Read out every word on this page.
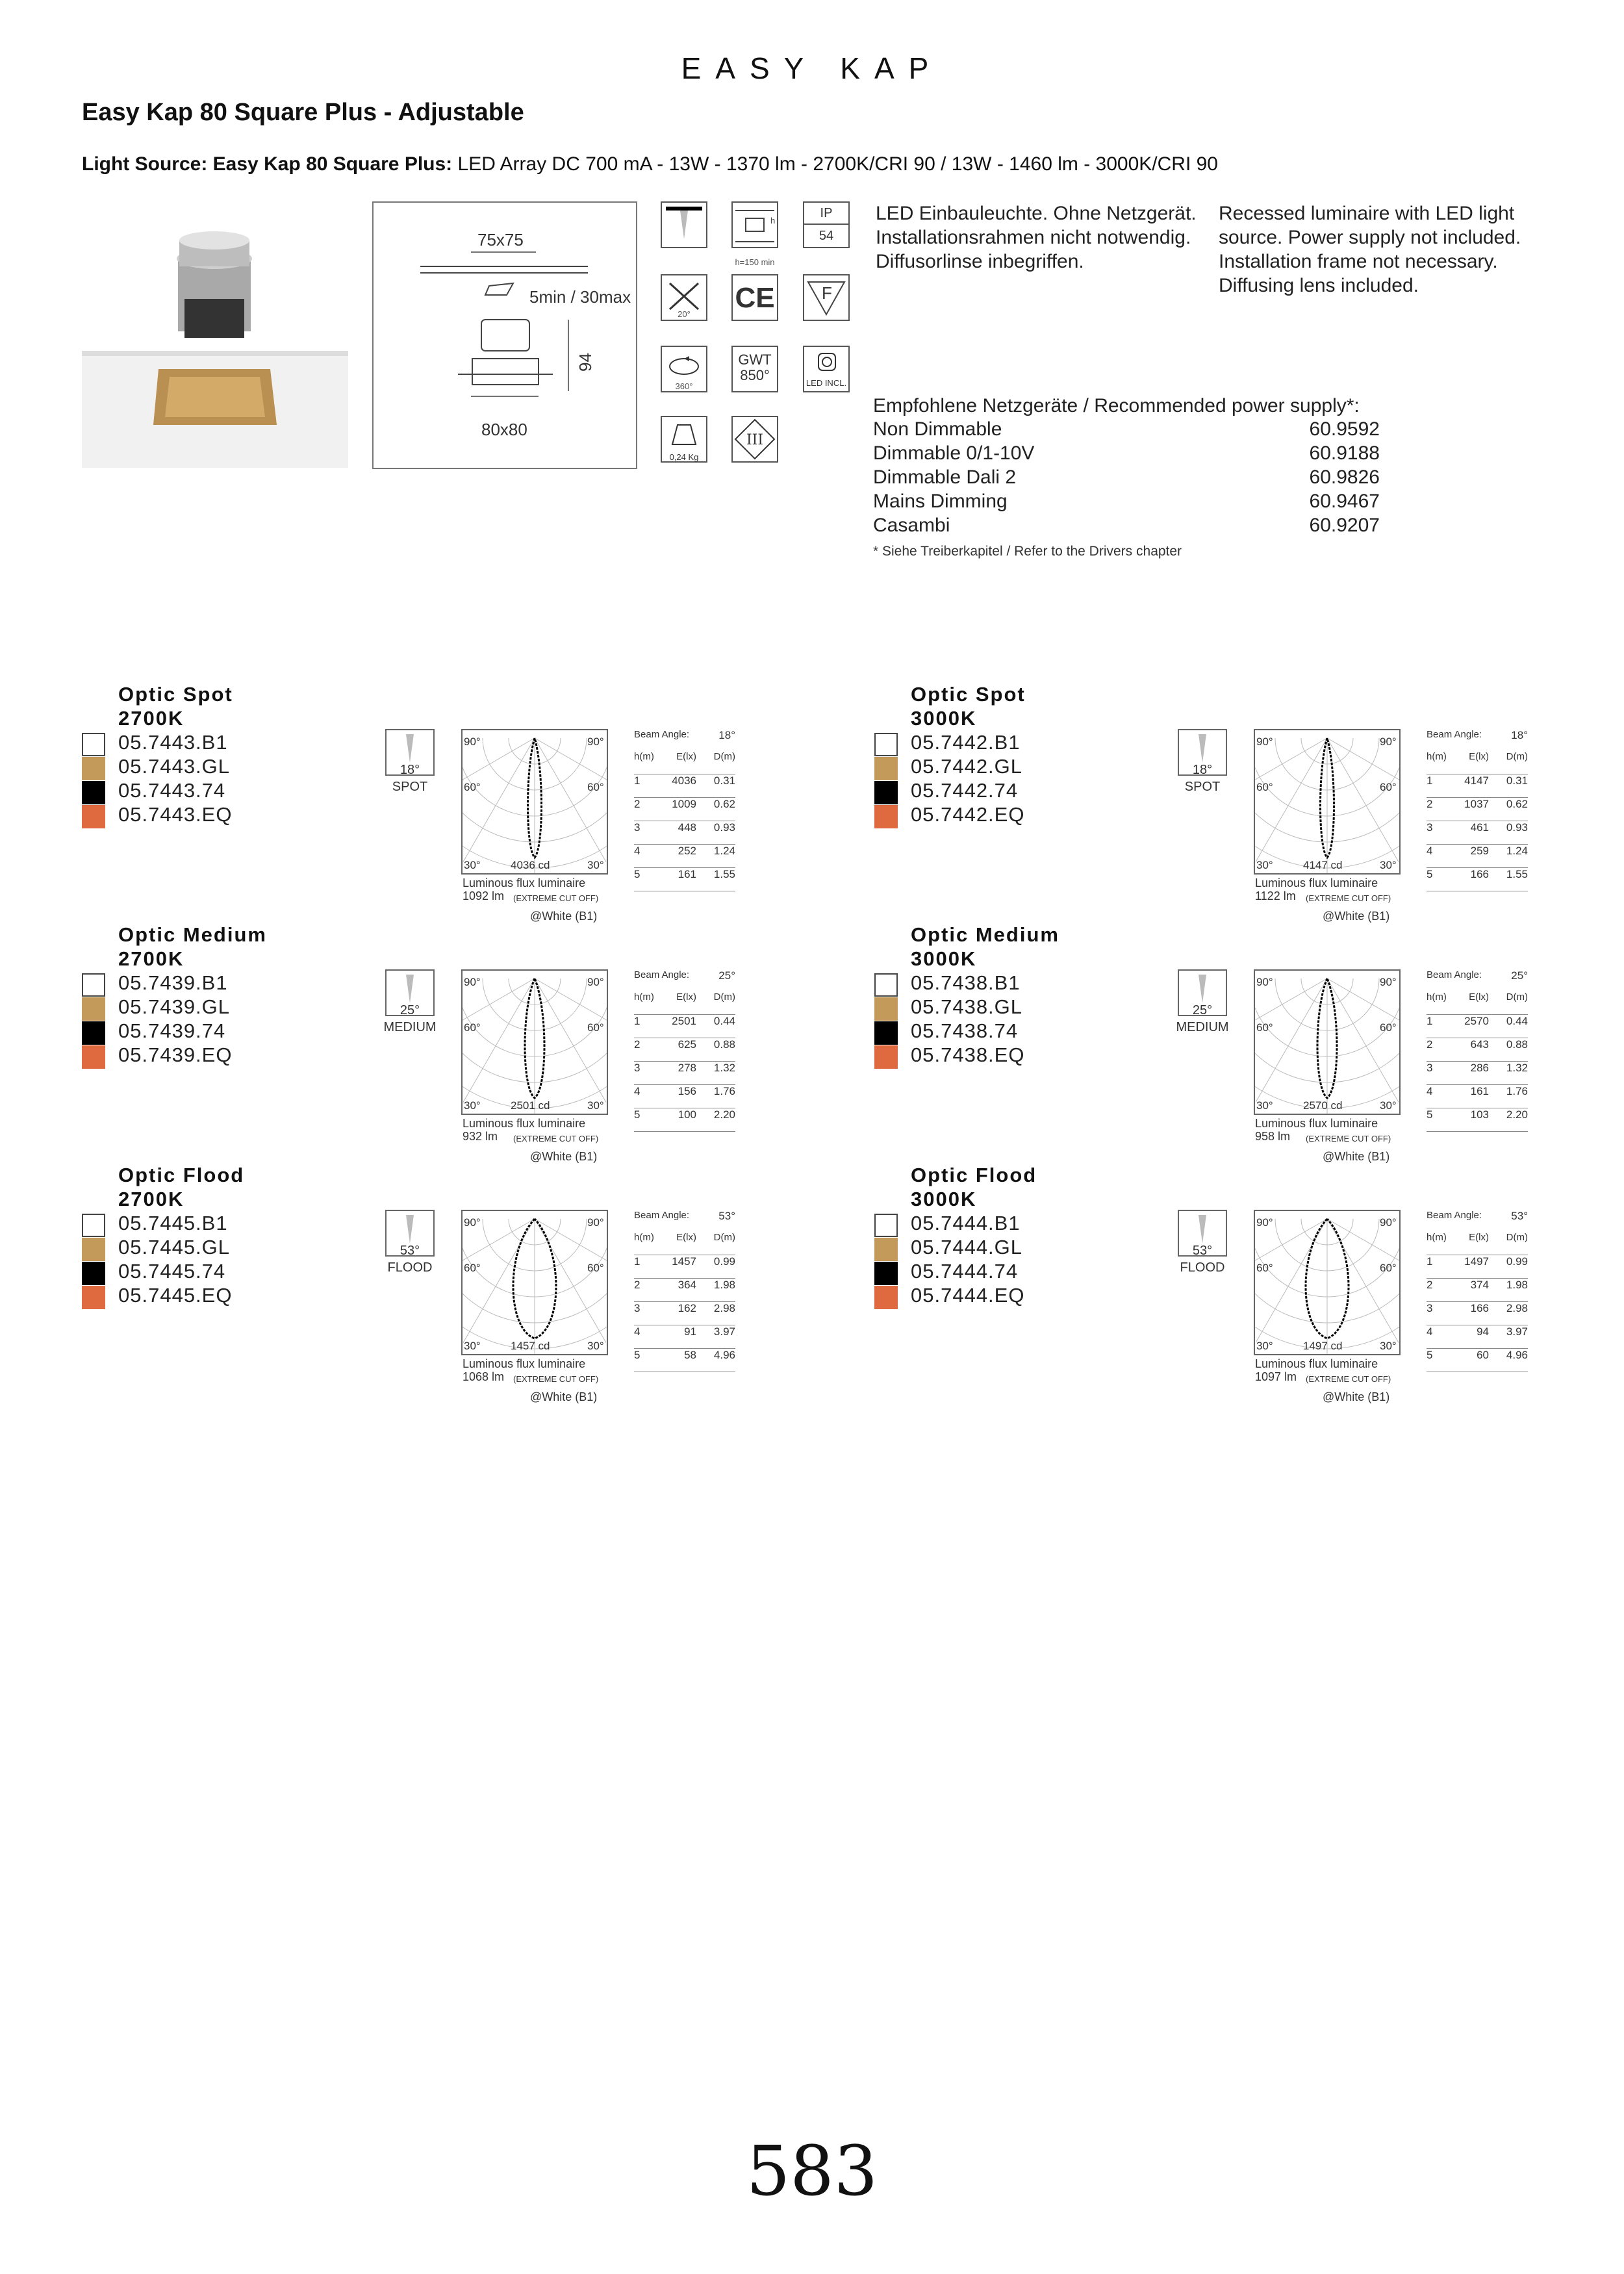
EASY KAP
Easy Kap 80 Square Plus - Adjustable
Light Source: Easy Kap 80 Square Plus: LED Array DC 700 mA - 13W - 1370 lm - 2700K/CRI 90 / 13W - 1460 lm - 3000K/CRI 90
75x75
5min / 30max
94
80x80
h
h=150 min
IP
54
20°
CE	F
360°
GWT
850°	LED INCL.
0,24 Kg
III
LED Einbauleuchte. Ohne Netzgerät.
Installationsrahmen nicht notwendig.
Diffusorlinse inbegriffen.
Recessed luminaire with LED light
source. Power supply not included.
Installation frame not necessary.
Diffusing lens included.
Empfohlene Netzgeräte / Recommended power supply*:
Non Dimmable	60.9592
Dimmable 0/1-10V	60.9188
Dimmable Dali 2	60.9826
Mains Dimming	60.9467
Casambi	60.9207
* Siehe Treiberkapitel / Refer to the Drivers chapter
Optic Spot
2700K
05.7443.B1
05.7443.GL
05.7443.74
05.7443.EQ
18°
SPOT
90°	90°
60°	60°
30°	30°
4036 cd
Luminous flux luminaire
1092 lm (EXTREME CUT OFF)
@White (B1)
Beam Angle:	18°
h(m)	E(lx) D(m)
1	4036 0.31
2	1009 0.62
3	448 0.93
4	252 1.24
5	161 1.55
Optic Spot
3000K
05.7442.B1
05.7442.GL
05.7442.74
05.7442.EQ
18°
SPOT
90°	90°
60°	60°
30°	30°
4147 cd
Luminous flux luminaire
1122 lm (EXTREME CUT OFF)
@White (B1)
Beam Angle:	18°
h(m)	E(lx) D(m)
1	4147 0.31
2	1037 0.62
3	461 0.93
4	259 1.24
5	166 1.55
Optic Medium
2700K
05.7439.B1
05.7439.GL
05.7439.74
05.7439.EQ
25°
MEDIUM
90°	90°
60°	60°
30°	30°
2501 cd
Luminous flux luminaire
932 lm (EXTREME CUT OFF)
@White (B1)
Beam Angle:	25°
h(m)	E(lx) D(m)
1	2501 0.44
2	625 0.88
3	278 1.32
4	156 1.76
5	100 2.20
Optic Medium
3000K
05.7438.B1
05.7438.GL
05.7438.74
05.7438.EQ
25°
MEDIUM
90°	90°
60°	60°
30°	30°
2570 cd
Luminous flux luminaire
958 lm (EXTREME CUT OFF)
@White (B1)
Beam Angle:	25°
h(m)	E(lx) D(m)
1	2570 0.44
2	643 0.88
3	286 1.32
4	161 1.76
5	103 2.20
Optic Flood
2700K
05.7445.B1
05.7445.GL
05.7445.74
05.7445.EQ
53°
FLOOD
90°	90°
60°	60°
30°	30°
1457 cd
Luminous flux luminaire
1068 lm (EXTREME CUT OFF)
@White (B1)
Beam Angle:	53°
h(m)	E(lx) D(m)
1	1457 0.99
2	364 1.98
3	162 2.98
4	91 3.97
5	58 4.96
Optic Flood
3000K
05.7444.B1
05.7444.GL
05.7444.74
05.7444.EQ
53°
FLOOD
90°	90°
60°	60°
30°	30°
1497 cd
Luminous flux luminaire
1097 lm (EXTREME CUT OFF)
@White (B1)
Beam Angle:	53°
h(m)	E(lx) D(m)
1	1497 0.99
2	374 1.98
3	166 2.98
4	94 3.97
5	60 4.96
583
